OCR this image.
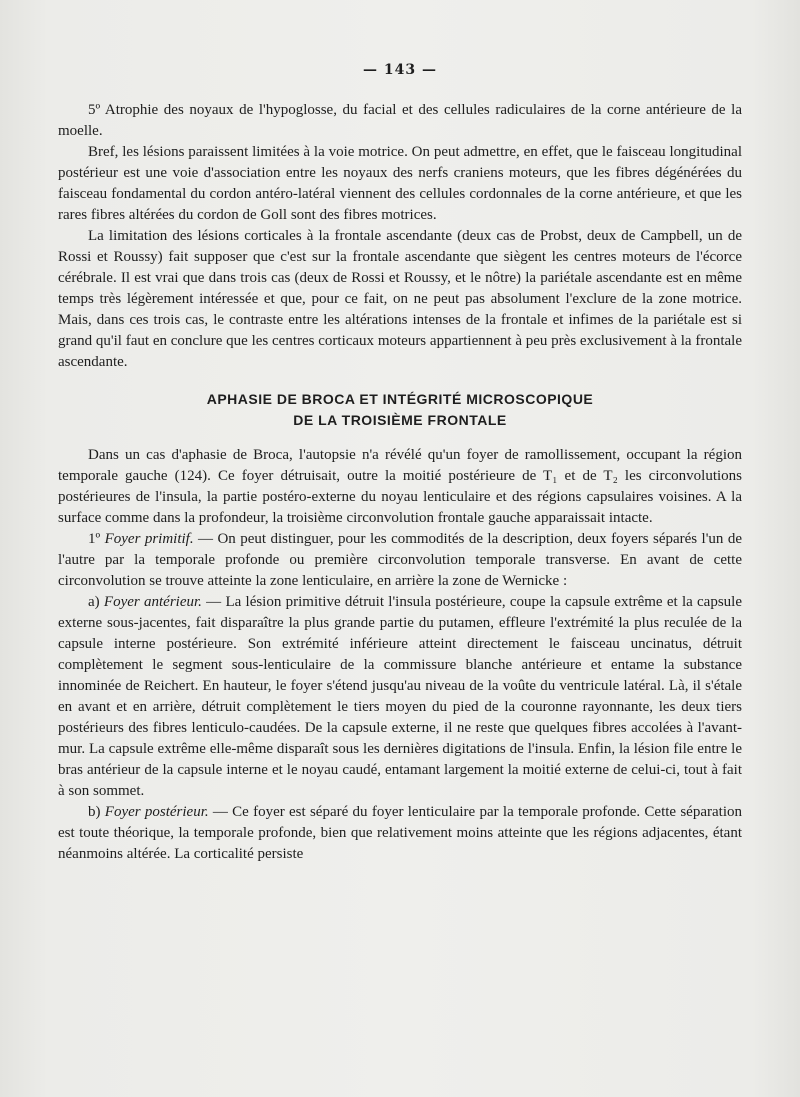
— 143 —

5º Atrophie des noyaux de l'hypoglosse, du facial et des cellules radiculaires de la corne antérieure de la moelle.

Bref, les lésions paraissent limitées à la voie motrice. On peut admettre, en effet, que le faisceau longitudinal postérieur est une voie d'association entre les noyaux des nerfs craniens moteurs, que les fibres dégénérées du faisceau fondamental du cordon antéro-latéral viennent des cellules cordonnales de la corne antérieure, et que les rares fibres altérées du cordon de Goll sont des fibres motrices.

La limitation des lésions corticales à la frontale ascendante (deux cas de Probst, deux de Campbell, un de Rossi et Roussy) fait supposer que c'est sur la frontale ascendante que siègent les centres moteurs de l'écorce cérébrale. Il est vrai que dans trois cas (deux de Rossi et Roussy, et le nôtre) la pariétale ascendante est en même temps très légèrement intéressée et que, pour ce fait, on ne peut pas absolument l'exclure de la zone motrice. Mais, dans ces trois cas, le contraste entre les altérations intenses de la frontale et infimes de la pariétale est si grand qu'il faut en conclure que les centres corticaux moteurs appartiennent à peu près exclusivement à la frontale ascendante.

APHASIE DE BROCA ET INTÉGRITÉ MICROSCOPIQUE
DE LA TROISIÈME FRONTALE

Dans un cas d'aphasie de Broca, l'autopsie n'a révélé qu'un foyer de ramollissement, occupant la région temporale gauche (124). Ce foyer détruisait, outre la moitié postérieure de T₁ et de T₂ les circonvolutions postérieures de l'insula, la partie postéro-externe du noyau lenticulaire et des régions capsulaires voisines. A la surface comme dans la profondeur, la troisième circonvolution frontale gauche apparaissait intacte.

1º Foyer primitif. — On peut distinguer, pour les commodités de la description, deux foyers séparés l'un de l'autre par la temporale profonde ou première circonvolution temporale transverse. En avant de cette circonvolution se trouve atteinte la zone lenticulaire, en arrière la zone de Wernicke :

a) Foyer antérieur. — La lésion primitive détruit l'insula postérieure, coupe la capsule extrême et la capsule externe sous-jacentes, fait disparaître la plus grande partie du putamen, effleure l'extrémité la plus reculée de la capsule interne postérieure. Son extrémité inférieure atteint directement le faisceau uncinatus, détruit complètement le segment sous-lenticulaire de la commissure blanche antérieure et entame la substance innominée de Reichert. En hauteur, le foyer s'étend jusqu'au niveau de la voûte du ventricule latéral. Là, il s'étale en avant et en arrière, détruit complètement le tiers moyen du pied de la couronne rayonnante, les deux tiers postérieurs des fibres lenticulo-caudées. De la capsule externe, il ne reste que quelques fibres accolées à l'avant-mur. La capsule extrême elle-même disparaît sous les dernières digitations de l'insula. Enfin, la lésion file entre le bras antérieur de la capsule interne et le noyau caudé, entamant largement la moitié externe de celui-ci, tout à fait à son sommet.

b) Foyer postérieur. — Ce foyer est séparé du foyer lenticulaire par la temporale profonde. Cette séparation est toute théorique, la temporale profonde, bien que relativement moins atteinte que les régions adjacentes, étant néanmoins altérée. La corticalité persiste
